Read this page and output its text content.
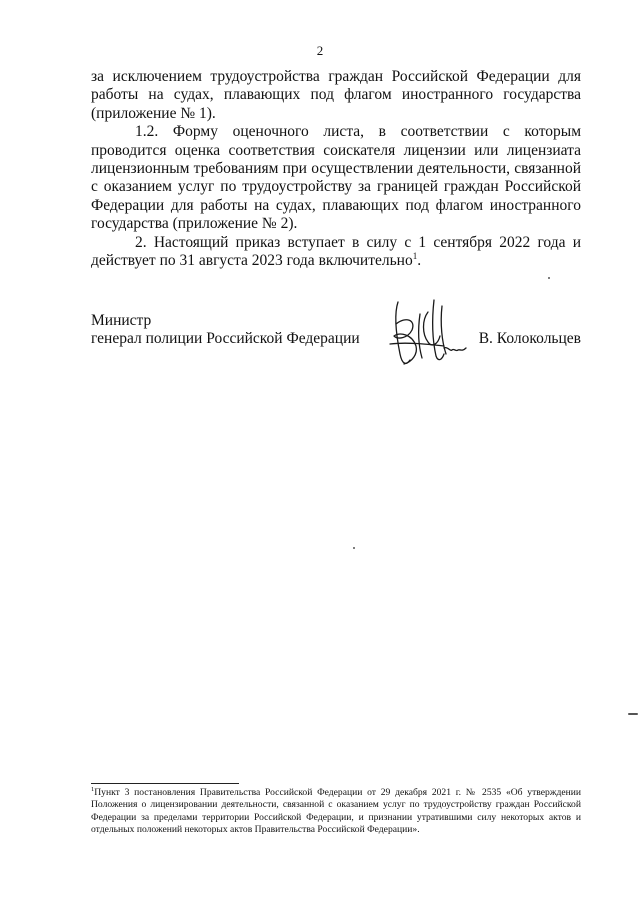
2

за исключением трудоустройства граждан Российской Федерации для работы на судах, плавающих под флагом иностранного государства (приложение № 1).

1.2. Форму оценочного листа, в соответствии с которым проводится оценка соответствия соискателя лицензии или лицензиата лицензионным требованиям при осуществлении деятельности, связанной с оказанием услуг по трудоустройству за границей граждан Российской Федерации для работы на судах, плавающих под флагом иностранного государства (приложение № 2).

2. Настоящий приказ вступает в силу с 1 сентября 2022 года и действует по 31 августа 2023 года включительно$^1$.

Министр
генерал полиции Российской Федерации	В. Колокольцев
$^1$Пункт 3 постановления Правительства Российской Федерации от 29 декабря 2021 г. № 2535 «Об утверждении Положения о лицензировании деятельности, связанной с оказанием услуг по трудоустройству граждан Российской Федерации за пределами территории Российской Федерации, и признании утратившими силу некоторых актов и отдельных положений некоторых актов Правительства Российской Федерации».
